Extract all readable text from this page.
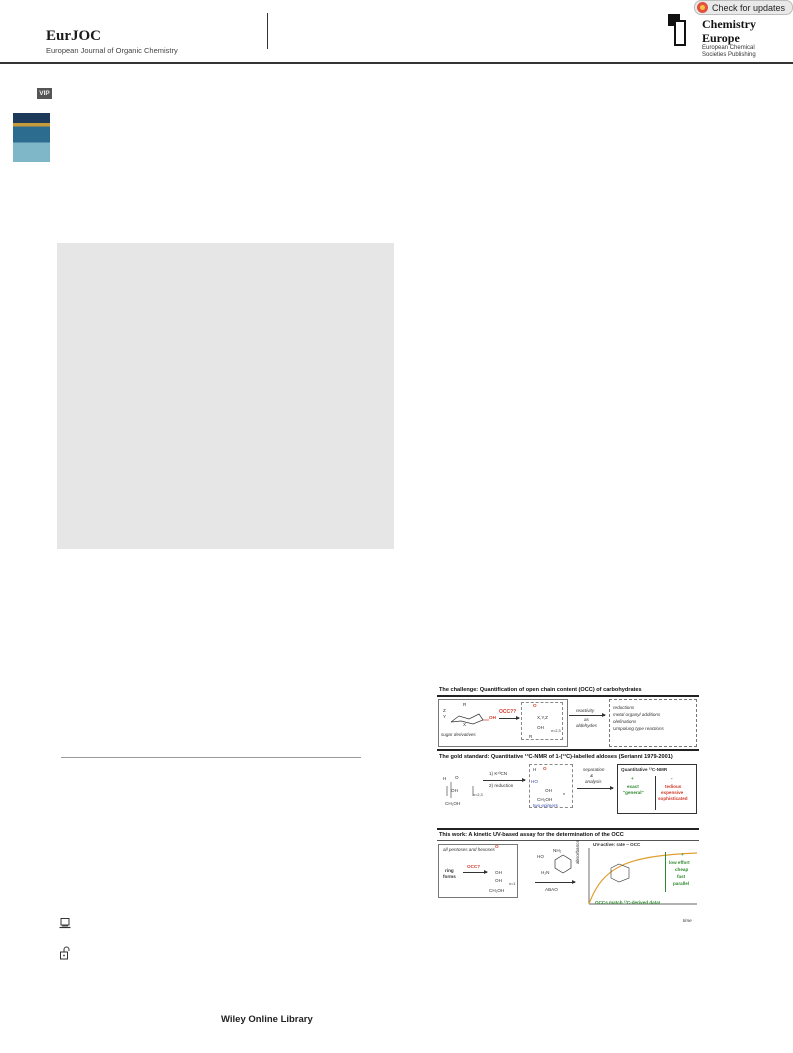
EurJOC
European Journal of Organic Chemistry
Chemistry
Europe
European Chemical
Societies Publishing
Check for updates
VIP
Wiley Online Library
The challenge: Quantification of open chain content (OCC) of carbohydrates
R
Z
Y
X
OH
sugar derivatives
OCC??
O
X,Y,Z
OH
n=2,3
R
reactivity
as
aldehydes
reductions
metal organyl additions
olefinations
Umpolung type reactions
The gold standard: Quantitative ¹³C-NMR of 1-(¹³C)-labelled aldoses (Serianni 1979-2001)
H O
OH
n=2,3
CH₂OH
1) K¹³CN
2) reduction
H O
HO
OH
n
CH₂OH
two epimers
separation
&
analysis
Quantitative ¹³C-NMR
+	-
exact
"general"
tedious
expensive
sophisticated
This work: A kinetic UV-based assay for the determination of the OCC
all pentoses and hexoses
ring
forms
OCC?
O
OH
OH
n=1
CH₂OH
HO
NH₂
H₂N
ABAO
UV-active: rate ~ OCC
absorbance	+
low effort
cheap
fast
parallel
OCCs match ¹³C-derived data!
time
